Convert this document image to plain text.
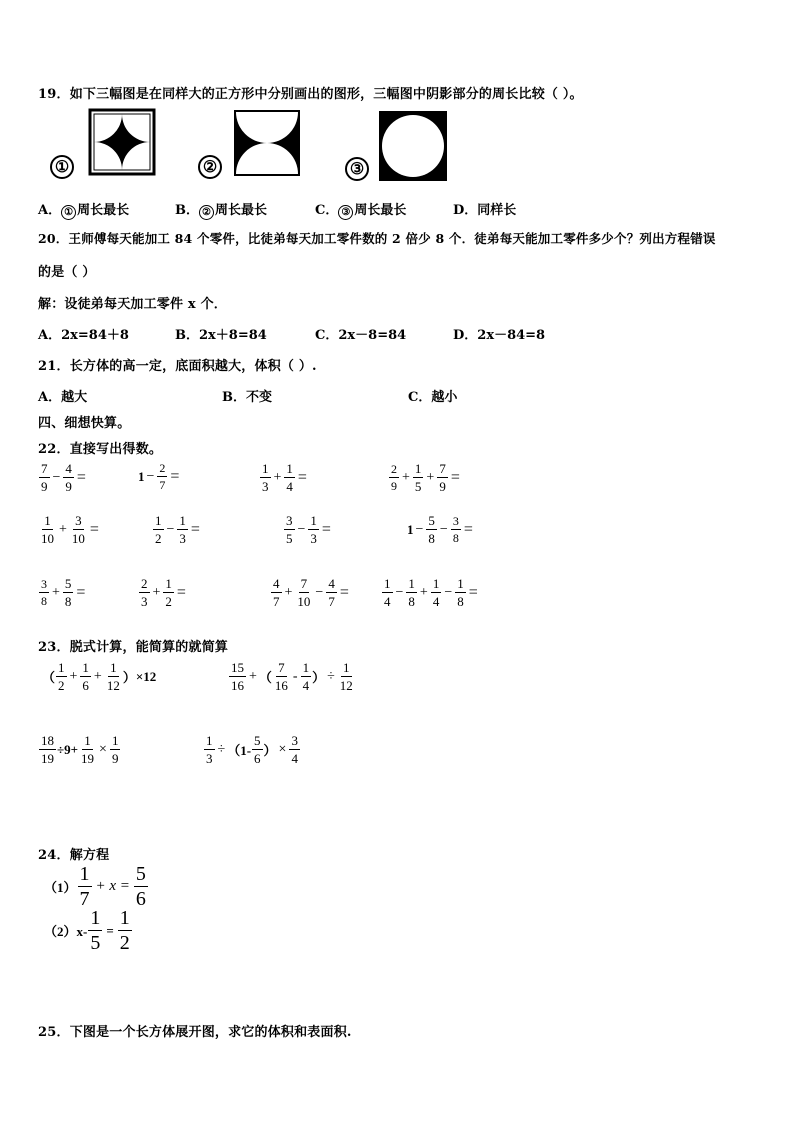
19．如下三幅图是在同样大的正方形中分别画出的图形，三幅图中阴影部分的周长比较（ ）。
①	②	③
A． ① 周长最长	B． ② 周长最长	C． ③ 周长最长	D．同样长
20．王师傅每天能加工 84 个零件，比徒弟每天加工零件数的 2 倍少 8 个．徒弟每天能加工零件多少个？列出方程错误
的是（ ）
解：设徒弟每天加工零件 x 个．
A．2x=84＋8	B．2x＋8=84	C．2x－8=84	D．2x－84=8
21．长方体的高一定，底面积越大，体积（ ）.
A．越大	B．不变	C．越小
四、细想快算。
22．直接写出得数。
$\frac{7}{9} - \frac{4}{9}$ =	$1 - \frac{2}{7}$ =	$\frac{1}{3} + \frac{1}{4}$ =	$\frac{2}{9} + \frac{1}{5} + \frac{7}{9}$ =
$\frac{1}{10} + \frac{3}{10}$ =	$\frac{1}{2} - \frac{1}{3}$ =	$\frac{3}{5} - \frac{1}{3}$ =	$1 - \frac{5}{8} - \frac{3}{8}$ =
$\frac{3}{8} + \frac{5}{8}$ =	$\frac{2}{3} + \frac{1}{2}$ =	$\frac{4}{7} + \frac{7}{10} - \frac{4}{7}$ =	$\frac{1}{4} - \frac{1}{8} + \frac{1}{4} - \frac{1}{8}$ =
23．脱式计算，能简算的就简算
（ $\frac{1}{2} + \frac{1}{6} + \frac{1}{12}$ ） ×12	$\frac{15}{16}$ + （ $\frac{7}{16} - \frac{1}{4}$ ） ÷ $\frac{1}{12}$
$\frac{18}{19} \div 9+ \frac{1}{19} \times \frac{1}{9}$	$\frac{1}{3} \div (1- \frac{5}{6}$ ） × $\frac{3}{4}$
24．解方程
$(1) \frac{1}{7} + x = \frac{5}{6}$
$(2)x- \frac{1}{5} = \frac{1}{2}$
25．下图是一个长方体展开图，求它的体积和表面积.
